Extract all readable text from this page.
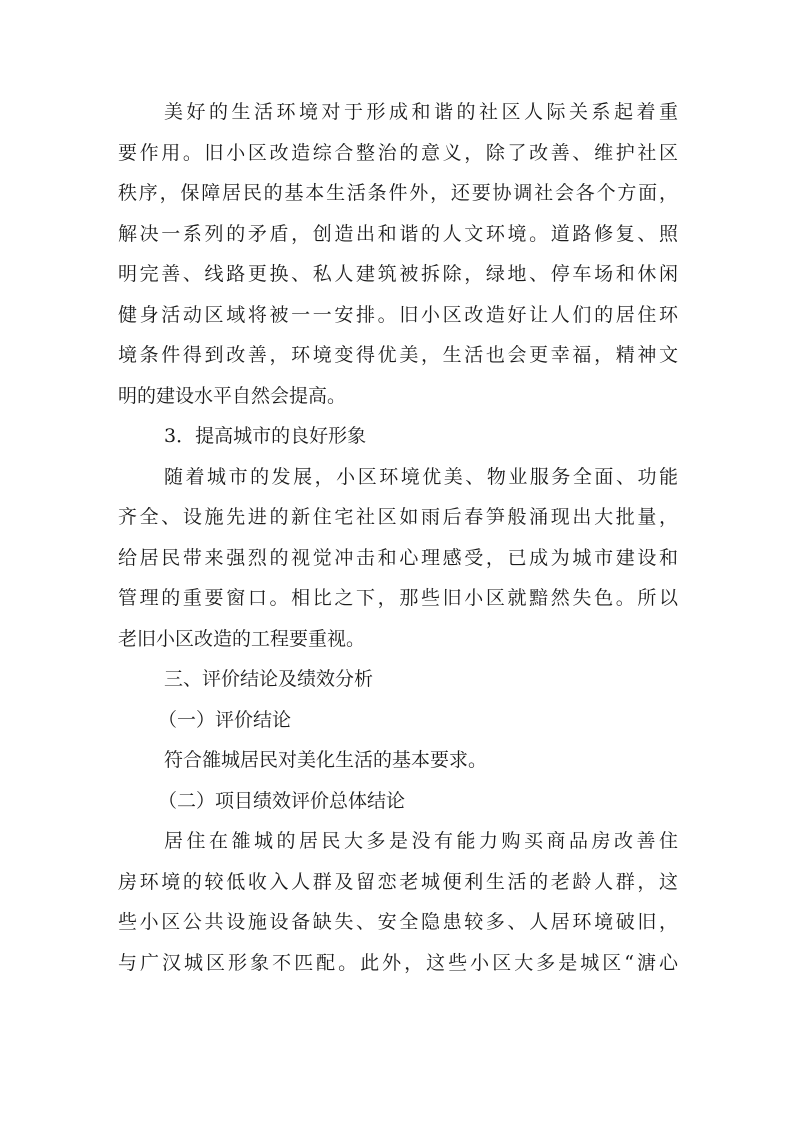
美好的生活环境对于形成和谐的社区人际关系起着重
要作用。旧小区改造综合整治的意义，除了改善、维护社区
秩序，保障居民的基本生活条件外，还要协调社会各个方面，
解决一系列的矛盾，创造出和谐的人文环境。道路修复、照
明完善、线路更换、私人建筑被拆除，绿地、停车场和休闲
健身活动区域将被一一安排。旧小区改造好让人们的居住环
境条件得到改善，环境变得优美，生活也会更幸福，精神文
明的建设水平自然会提高。
3．提高城市的良好形象
随着城市的发展，小区环境优美、物业服务全面、功能
齐全、设施先进的新住宅社区如雨后春笋般涌现出大批量，
给居民带来强烈的视觉冲击和心理感受，已成为城市建设和
管理的重要窗口。相比之下，那些旧小区就黯然失色。所以
老旧小区改造的工程要重视。
三、评价结论及绩效分析
（一）评价结论
符合雒城居民对美化生活的基本要求。
（二）项目绩效评价总体结论
居住在雒城的居民大多是没有能力购买商品房改善住
房环境的较低收入人群及留恋老城便利生活的老龄人群，这
些小区公共设施设备缺失、安全隐患较多、人居环境破旧，
与广汉城区形象不匹配。此外，这些小区大多是城区“溏心
